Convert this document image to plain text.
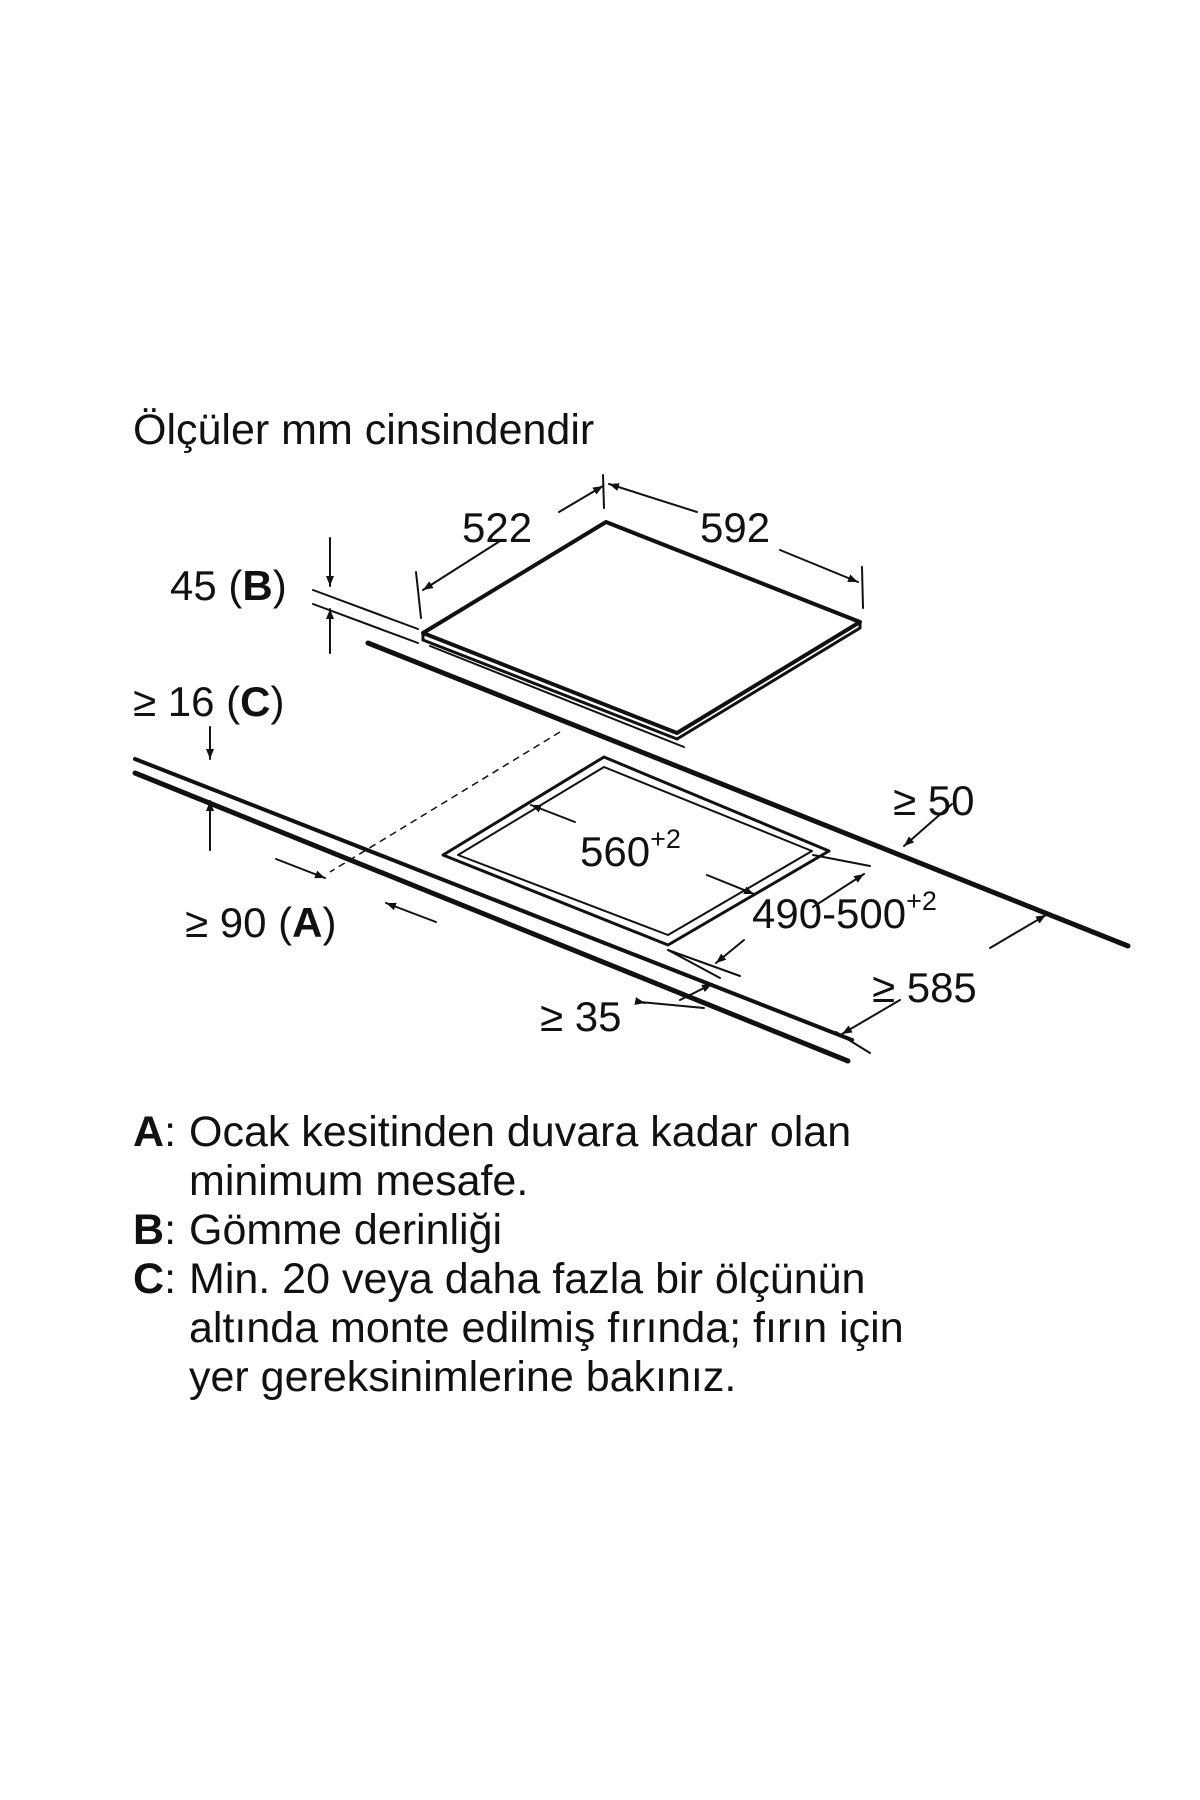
Ölçüler mm cinsindendir
522	592
45 (B)
≥ 16 (C)
$560^{+2}$
$490-500^{+2}$
≥ 50
≥ 90 (A)
≥ 35
≥ 585
A: Ocak kesitinden duvara kadar olan
minimum mesafe.
B: Gömme derinliği
C: Min. 20 veya daha fazla bir ölçünün
altında monte edilmiş fırında; fırın için
yer gereksinimlerine bakınız.
